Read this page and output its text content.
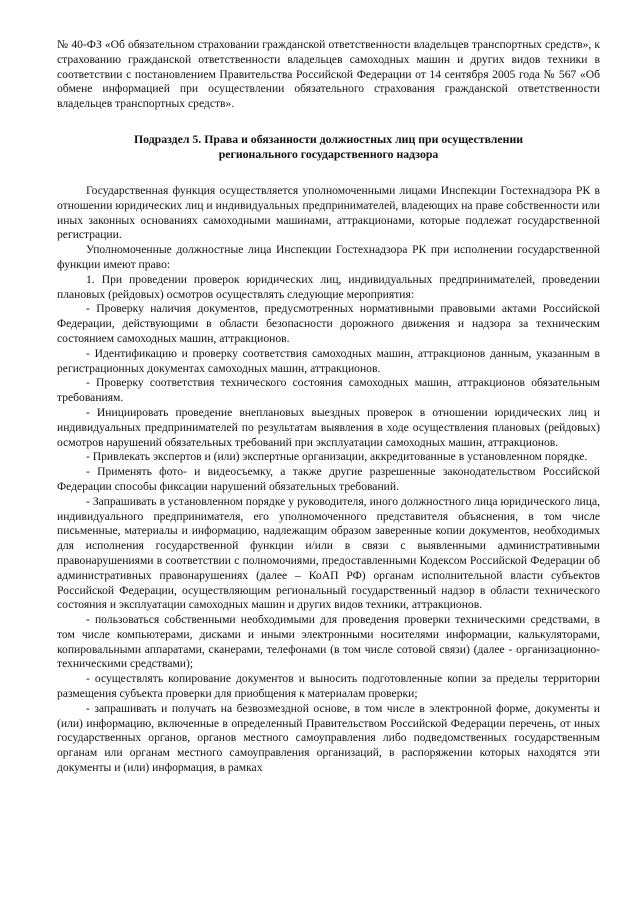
№ 40-ФЗ «Об обязательном страховании гражданской ответственности владельцев транспортных средств», к страхованию гражданской ответственности владельцев самоходных машин и других видов техники в соответствии с постановлением Правительства Российской Федерации от 14 сентября 2005 года № 567 «Об обмене информацией при осуществлении обязательного страхования гражданской ответственности владельцев транспортных средств».

Подраздел 5. Права и обязанности должностных лиц при осуществлении
регионального государственного надзора

Государственная функция осуществляется уполномоченными лицами Инспекции Гостехнадзора РК в отношении юридических лиц и индивидуальных предпринимателей, владеющих на праве собственности или иных законных основаниях самоходными машинами, аттракционами, которые подлежат государственной регистрации.

Уполномоченные должностные лица Инспекции Гостехнадзора РК при исполнении государственной функции имеют право:

1. При проведении проверок юридических лиц, индивидуальных предпринимателей, проведении плановых (рейдовых) осмотров осуществлять следующие мероприятия:

- Проверку наличия документов, предусмотренных нормативными правовыми актами Российской Федерации, действующими в области безопасности дорожного движения и надзора за техническим состоянием самоходных машин, аттракционов.

- Идентификацию и проверку соответствия самоходных машин, аттракционов данным, указанным в регистрационных документах самоходных машин, аттракционов.

- Проверку соответствия технического состояния самоходных машин, аттракционов обязательным требованиям.

- Инициировать проведение внеплановых выездных проверок в отношении юридических лиц и индивидуальных предпринимателей по результатам выявления в ходе осуществления плановых (рейдовых) осмотров нарушений обязательных требований при эксплуатации самоходных машин, аттракционов.

- Привлекать экспертов и (или) экспертные организации, аккредитованные в установленном порядке.

- Применять фото- и видеосъемку, а также другие разрешенные законодательством Российской Федерации способы фиксации нарушений обязательных требований.

- Запрашивать в установленном порядке у руководителя, иного должностного лица юридического лица, индивидуального предпринимателя, его уполномоченного представителя объяснения, в том числе письменные, материалы и информацию, надлежащим образом заверенные копии документов, необходимых для исполнения государственной функции и/или в связи с выявленными административными правонарушениями в соответствии с полномочиями, предоставленными Кодексом Российской Федерации об административных правонарушениях (далее – КоАП РФ) органам исполнительной власти субъектов Российской Федерации, осуществляющим региональный государственный надзор в области технического состояния и эксплуатации самоходных машин и других видов техники, аттракционов.

- пользоваться собственными необходимыми для проведения проверки техническими средствами, в том числе компьютерами, дисками и иными электронными носителями информации, калькуляторами, копировальными аппаратами, сканерами, телефонами (в том числе сотовой связи) (далее - организационно-техническими средствами);

- осуществлять копирование документов и выносить подготовленные копии за пределы территории размещения субъекта проверки для приобщения к материалам проверки;

- запрашивать и получать на безвозмездной основе, в том числе в электронной форме, документы и (или) информацию, включенные в определенный Правительством Российской Федерации перечень, от иных государственных органов, органов местного самоуправления либо подведомственных государственным органам или органам местного самоуправления организаций, в распоряжении которых находятся эти документы и (или) информация, в рамках
